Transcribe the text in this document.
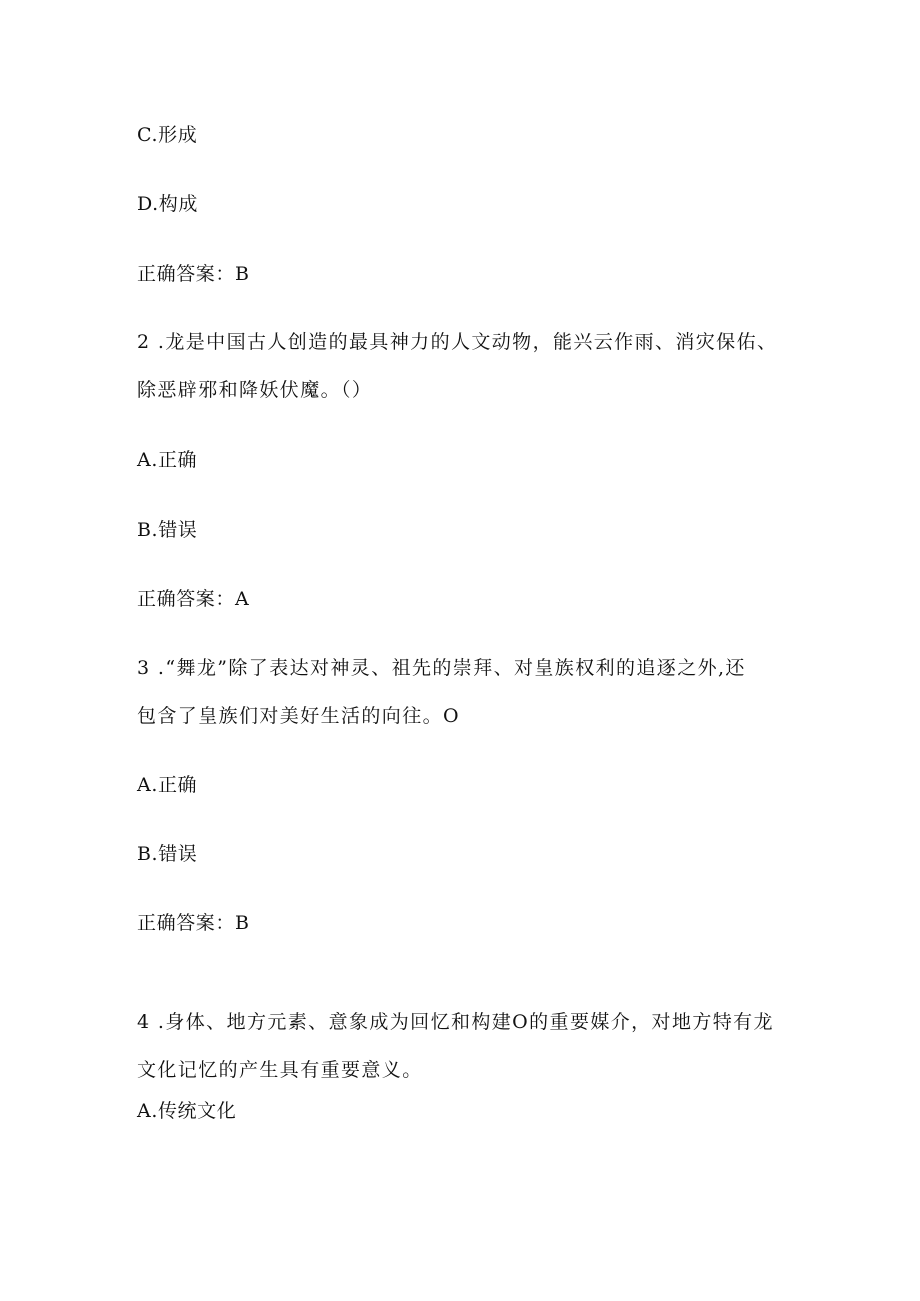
C.形成
D.构成
正确答案：B
2 .龙是中国古人创造的最具神力的人文动物，能兴云作雨、消灾保佑、
除恶辟邪和降妖伏魔。（）
A.正确
B.错误
正确答案：A
3 .“舞龙”除了表达对神灵、祖先的崇拜、对皇族权利的追逐之外,还
包含了皇族们对美好生活的向往。O
A.正确
B.错误
正确答案：B
4 .身体、地方元素、意象成为回忆和构建O的重要媒介，对地方特有龙
文化记忆的产生具有重要意义。
A.传统文化
